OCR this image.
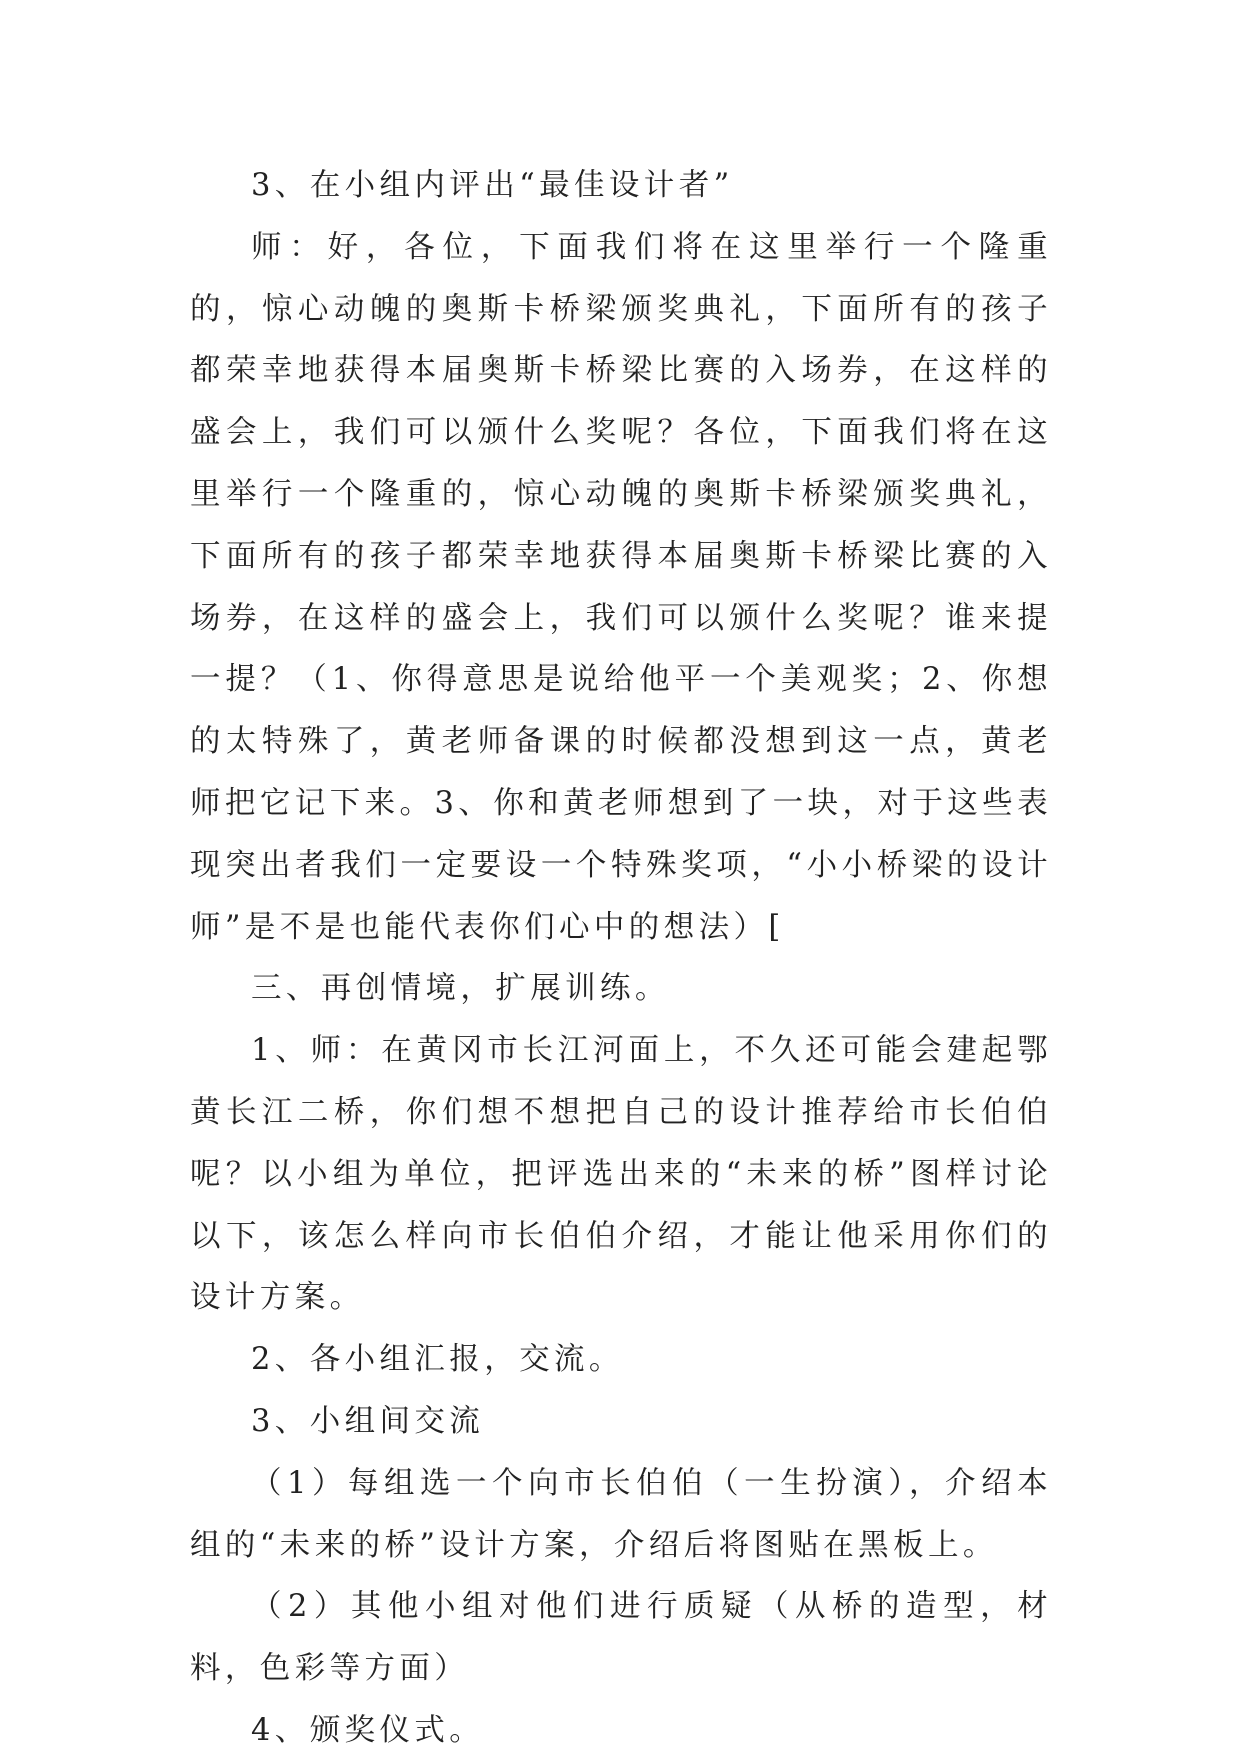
3、在小组内评出“最佳设计者”

师：好，各位，下面我们将在这里举行一个隆重的，惊心动魄的奥斯卡桥梁颁奖典礼，下面所有的孩子都荣幸地获得本届奥斯卡桥梁比赛的入场券，在这样的盛会上，我们可以颁什么奖呢？各位，下面我们将在这里举行一个隆重的，惊心动魄的奥斯卡桥梁颁奖典礼，下面所有的孩子都荣幸地获得本届奥斯卡桥梁比赛的入场券，在这样的盛会上，我们可以颁什么奖呢？谁来提一提？（1、你得意思是说给他平一个美观奖；2、你想的太特殊了，黄老师备课的时候都没想到这一点，黄老师把它记下来。3、你和黄老师想到了一块，对于这些表现突出者我们一定要设一个特殊奖项，“小小桥梁的设计师”是不是也能代表你们心中的想法）[

三、再创情境，扩展训练。

1、师：在黄冈市长江河面上，不久还可能会建起鄂黄长江二桥，你们想不想把自己的设计推荐给市长伯伯呢？以小组为单位，把评选出来的“未来的桥”图样讨论以下，该怎么样向市长伯伯介绍，才能让他采用你们的设计方案。

2、各小组汇报，交流。

3、小组间交流

（1）每组选一个向市长伯伯（一生扮演），介绍本组的“未来的桥”设计方案，介绍后将图贴在黑板上。

（2）其他小组对他们进行质疑（从桥的造型，材料，色彩等方面）

4、颁奖仪式。
